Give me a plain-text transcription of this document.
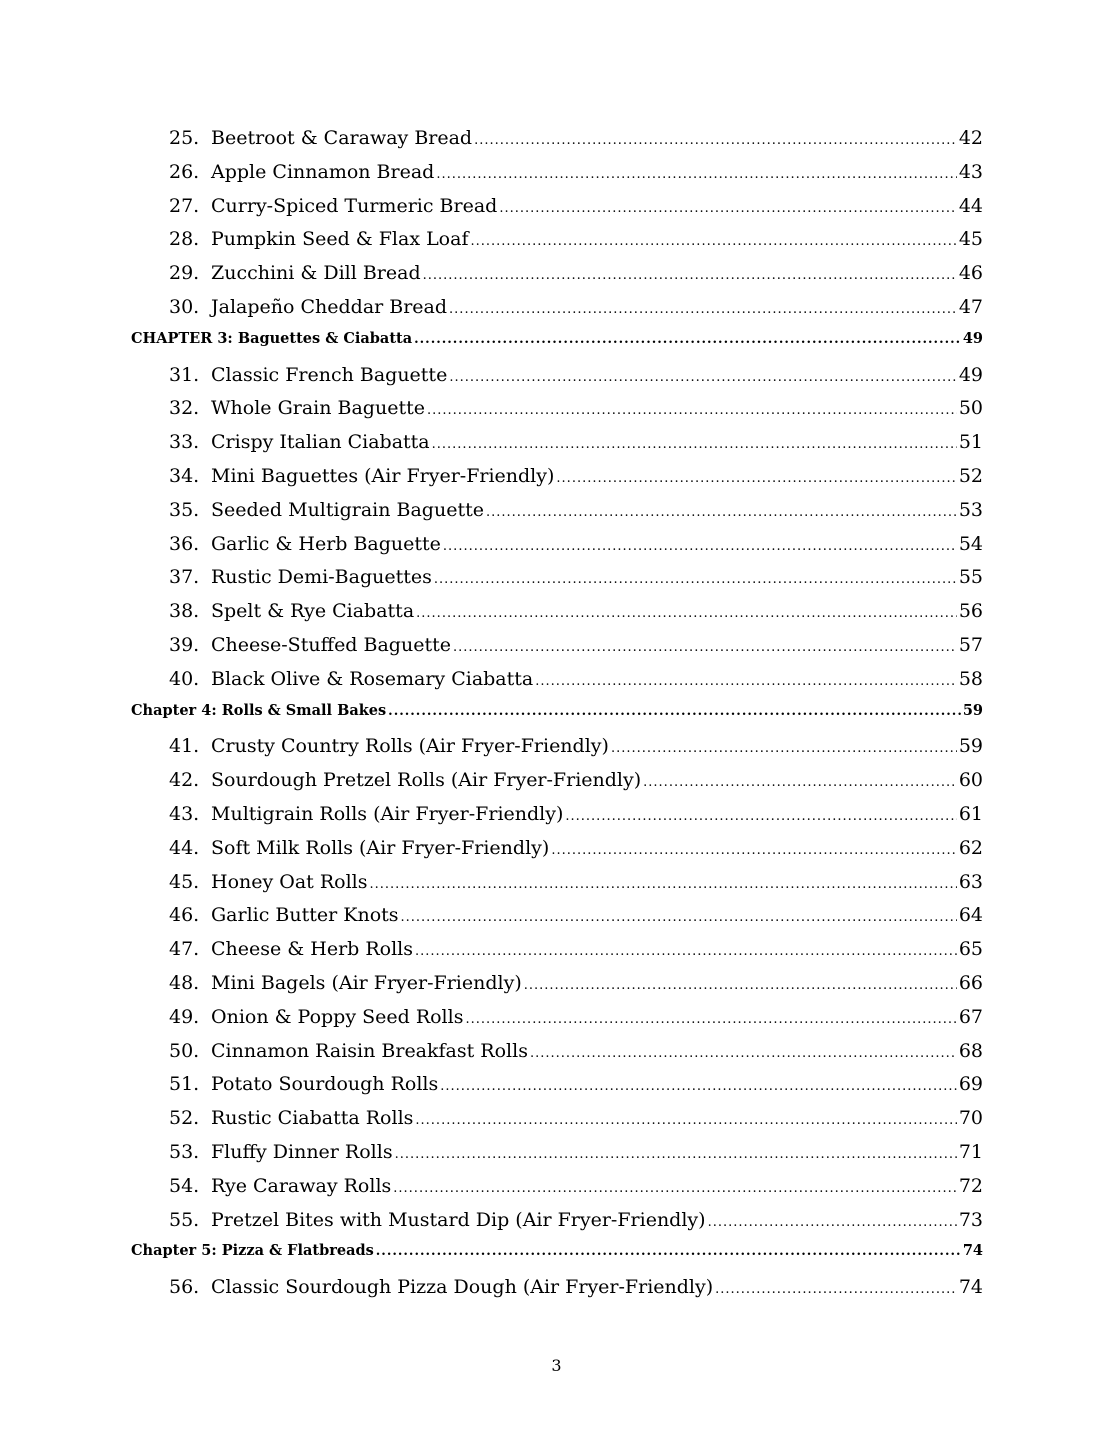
25. Beetroot & Caraway Bread .....	42
26. Apple Cinnamon Bread .....	43
27. Curry-Spiced Turmeric Bread .....	44
28. Pumpkin Seed & Flax Loaf .....	45
29. Zucchini & Dill Bread .....	46
30. Jalapeño Cheddar Bread .....	47
CHAPTER 3: Baguettes & Ciabatta .....	49
31. Classic French Baguette .....	49
32. Whole Grain Baguette .....	50
33. Crispy Italian Ciabatta .....	51
34. Mini Baguettes (Air Fryer-Friendly) .....	52
35. Seeded Multigrain Baguette .....	53
36. Garlic & Herb Baguette .....	54
37. Rustic Demi-Baguettes .....	55
38. Spelt & Rye Ciabatta .....	56
39. Cheese-Stuffed Baguette .....	57
40. Black Olive & Rosemary Ciabatta .....	58
Chapter 4: Rolls & Small Bakes .....	59
41. Crusty Country Rolls (Air Fryer-Friendly) .....	59
42. Sourdough Pretzel Rolls (Air Fryer-Friendly) .....	60
43. Multigrain Rolls (Air Fryer-Friendly) .....	61
44. Soft Milk Rolls (Air Fryer-Friendly) .....	62
45. Honey Oat Rolls .....	63
46. Garlic Butter Knots .....	64
47. Cheese & Herb Rolls .....	65
48. Mini Bagels (Air Fryer-Friendly) .....	66
49. Onion & Poppy Seed Rolls .....	67
50. Cinnamon Raisin Breakfast Rolls .....	68
51. Potato Sourdough Rolls .....	69
52. Rustic Ciabatta Rolls .....	70
53. Fluffy Dinner Rolls .....	71
54. Rye Caraway Rolls .....	72
55. Pretzel Bites with Mustard Dip (Air Fryer-Friendly) .....	73
Chapter 5: Pizza & Flatbreads .....	74
56. Classic Sourdough Pizza Dough (Air Fryer-Friendly) .....	74
3
